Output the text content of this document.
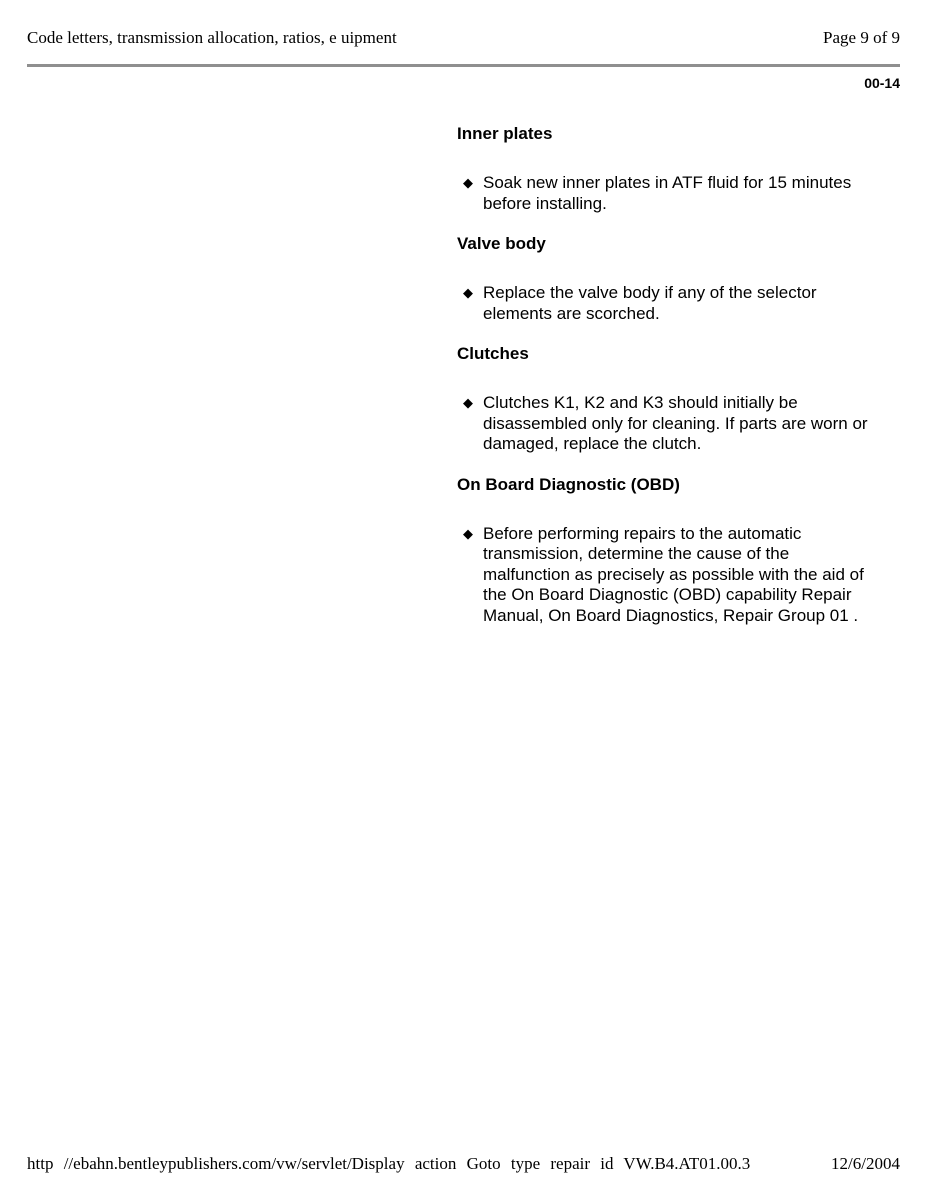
Code letters, transmission allocation, ratios, e uipment	Page 9 of 9
00-14
Inner plates
◆ Soak new inner plates in ATF fluid for 15 minutes before installing.
Valve body
◆ Replace the valve body if any of the selector elements are scorched.
Clutches
◆ Clutches K1, K2 and K3 should initially be disassembled only for cleaning. If parts are worn or damaged, replace the clutch.
On Board Diagnostic (OBD)
◆ Before performing repairs to the automatic transmission, determine the cause of the malfunction as precisely as possible with the aid of the On Board Diagnostic (OBD) capability Repair Manual, On Board Diagnostics, Repair Group 01 .
http //ebahn.bentleypublishers.com/vw/servlet/Display action Goto type repair id VW.B4.AT01.00.3	12/6/2004
